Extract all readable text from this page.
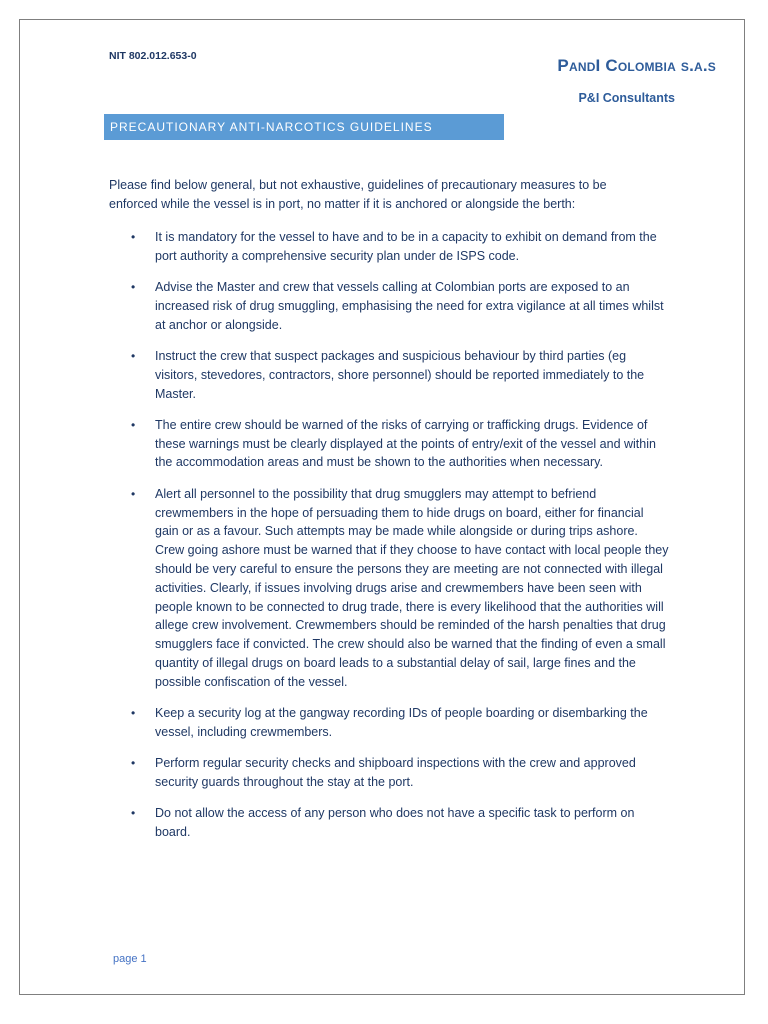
NIT 802.012.653-0	PandI Colombia s.a.s
P&I Consultants
PRECAUTIONARY ANTI-NARCOTICS GUIDELINES

Please find below general, but not exhaustive, guidelines of precautionary measures to be enforced while the vessel is in port, no matter if it is anchored or alongside the berth:

• It is mandatory for the vessel to have and to be in a capacity to exhibit on demand from the port authority a comprehensive security plan under de ISPS code.
• Advise the Master and crew that vessels calling at Colombian ports are exposed to an increased risk of drug smuggling, emphasising the need for extra vigilance at all times whilst at anchor or alongside.
• Instruct the crew that suspect packages and suspicious behaviour by third parties (eg visitors, stevedores, contractors, shore personnel) should be reported immediately to the Master.
• The entire crew should be warned of the risks of carrying or trafficking drugs. Evidence of these warnings must be clearly displayed at the points of entry/exit of the vessel and within the accommodation areas and must be shown to the authorities when necessary.
• Alert all personnel to the possibility that drug smugglers may attempt to befriend crewmembers in the hope of persuading them to hide drugs on board, either for financial gain or as a favour. Such attempts may be made while alongside or during trips ashore. Crew going ashore must be warned that if they choose to have contact with local people they should be very careful to ensure the persons they are meeting are not connected with illegal activities. Clearly, if issues involving drugs arise and crewmembers have been seen with people known to be connected to drug trade, there is every likelihood that the authorities will allege crew involvement. Crewmembers should be reminded of the harsh penalties that drug smugglers face if convicted. The crew should also be warned that the finding of even a small quantity of illegal drugs on board leads to a substantial delay of sail, large fines and the possible confiscation of the vessel.
• Keep a security log at the gangway recording IDs of people boarding or disembarking the vessel, including crewmembers.
• Perform regular security checks and shipboard inspections with the crew and approved security guards throughout the stay at the port.
• Do not allow the access of any person who does not have a specific task to perform on board.
page 1
